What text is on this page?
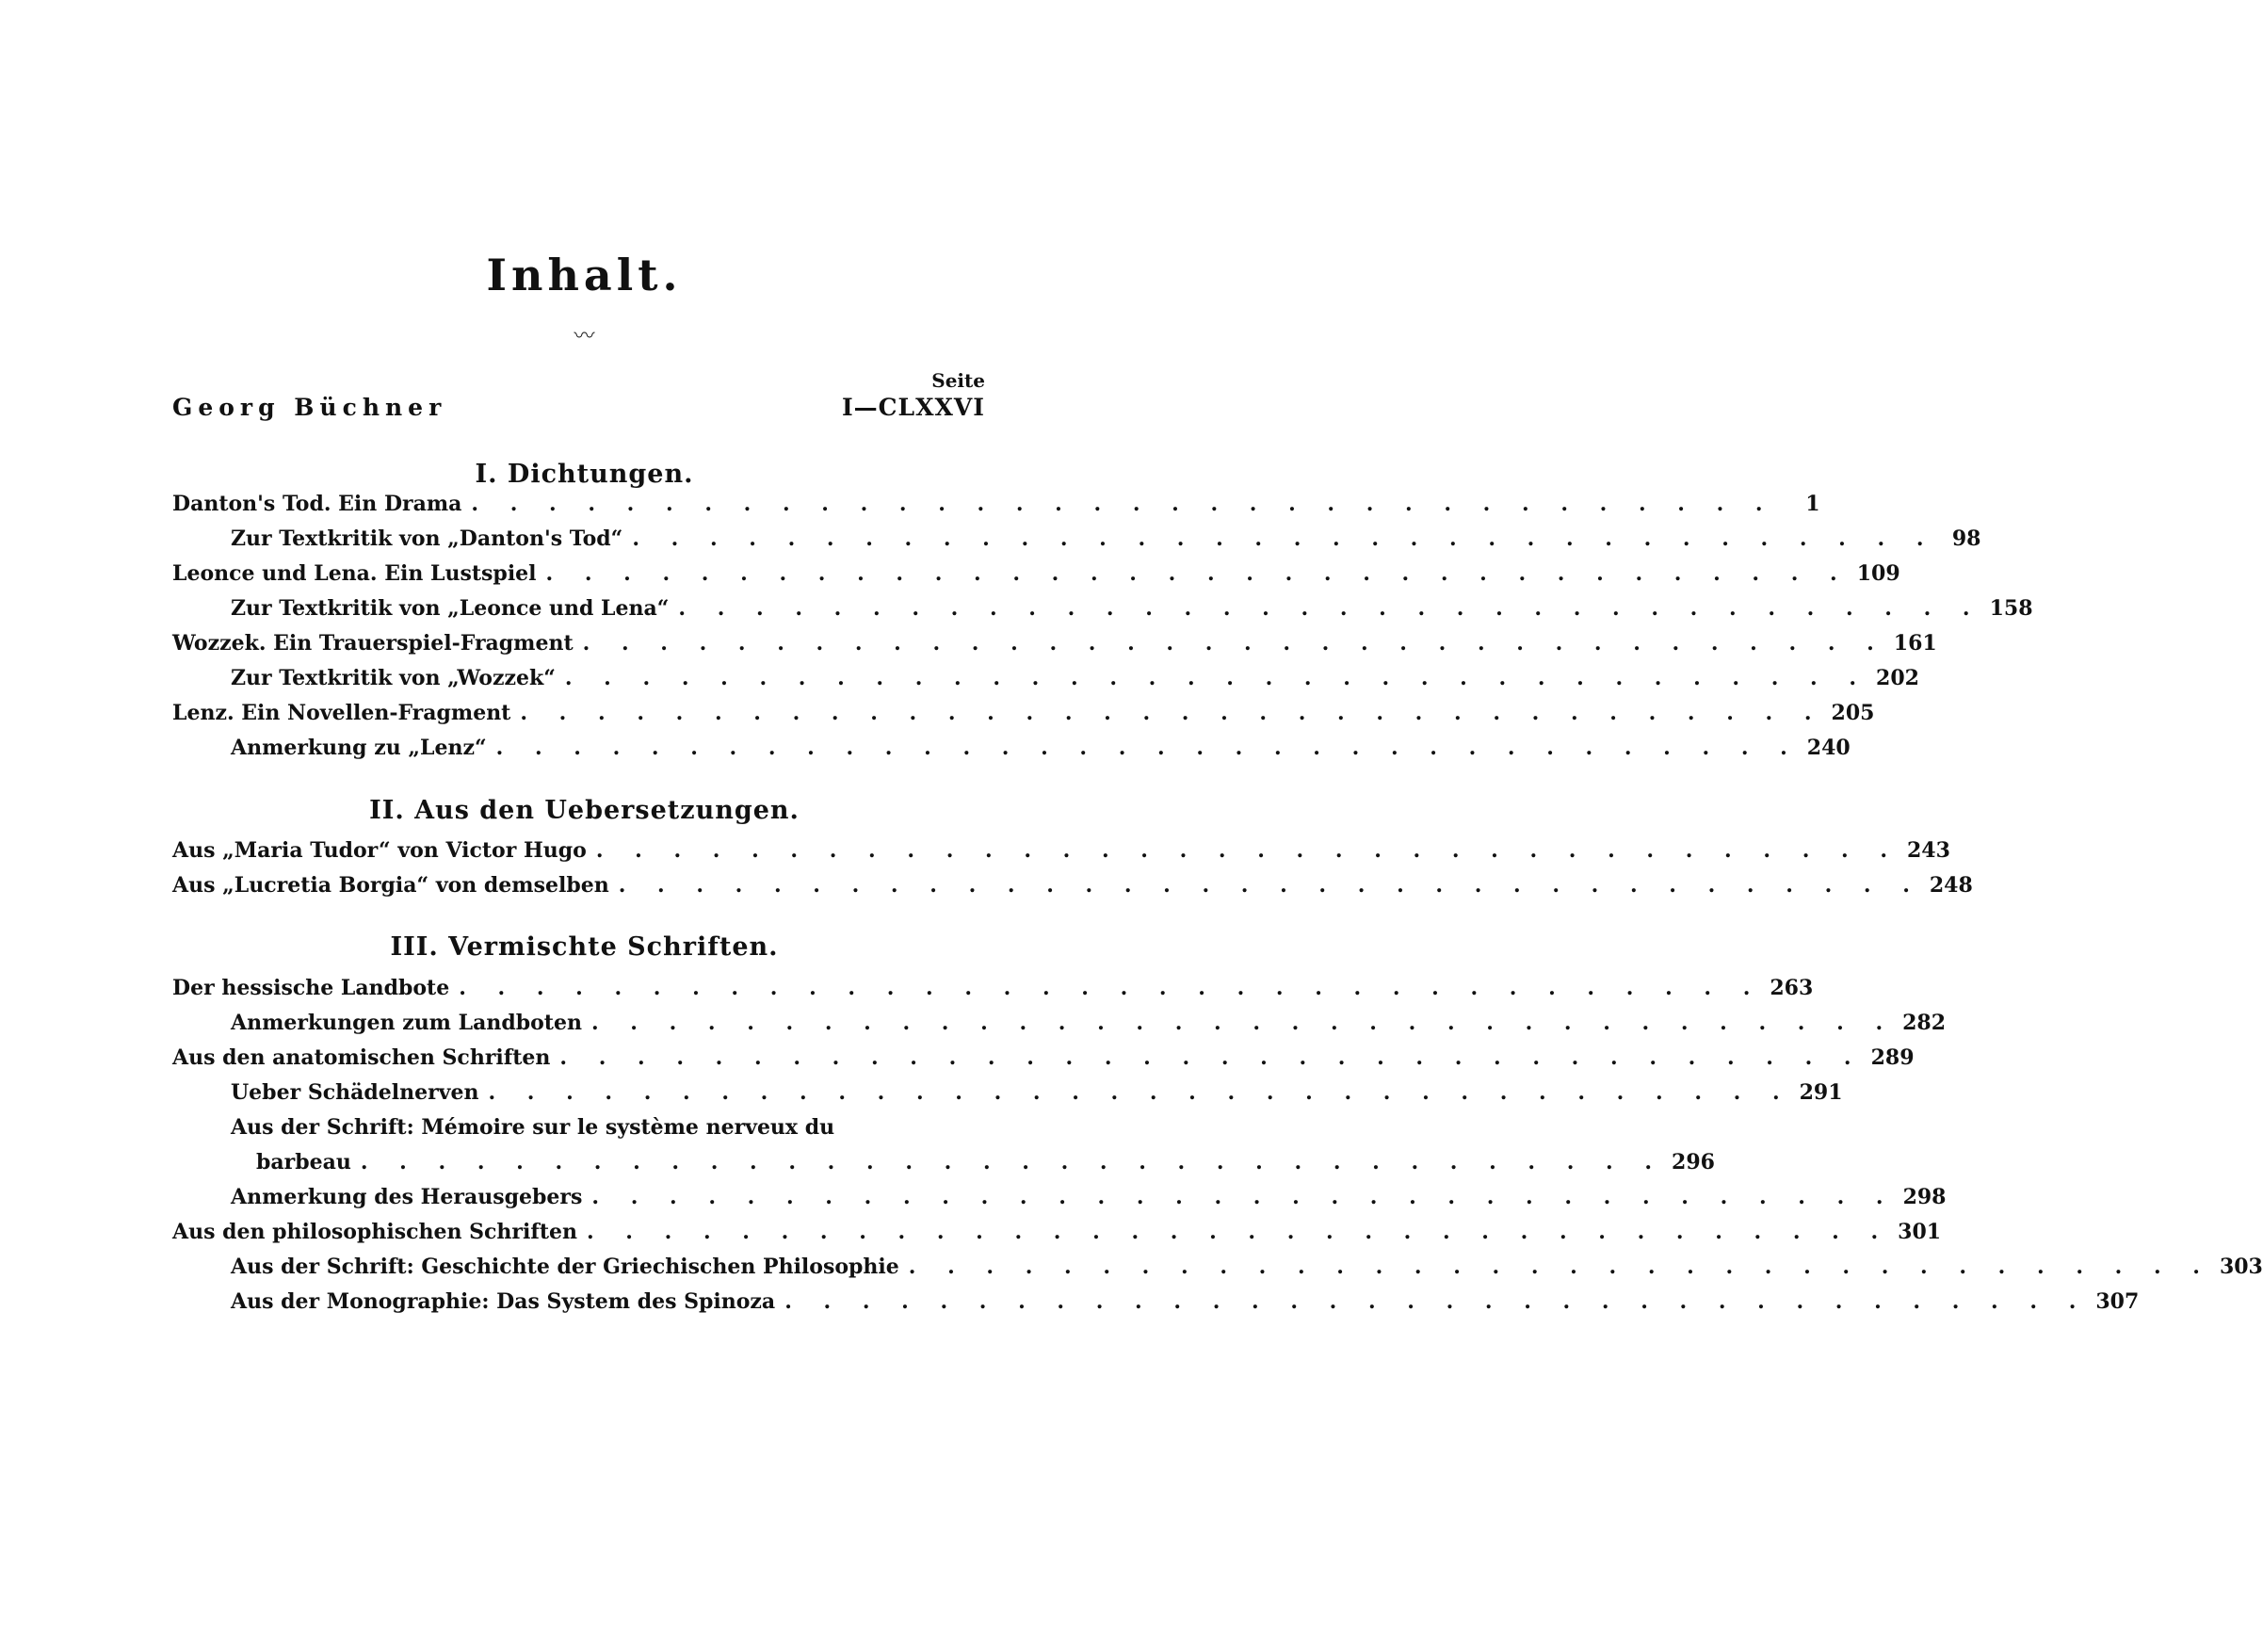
Inhalt.
〰
Seite
Georg Büchner	I—CLXXVI
I. Dichtungen.
Danton's Tod. Ein Drama . . . . . . . . . . . . . . . . . . . . . . . . . . . . . . . . . .	1
Zur Textkritik von „Danton's Tod“ . . . . . . . . . . . . . . . . . . . . . . . . . . . . . . . . . . 98
Leonce und Lena. Ein Lustspiel . . . . . . . . . . . . . . . . . . . . . . . . . . . . . . . . . . 109
Zur Textkritik von „Leonce und Lena“ . . . . . . . . . . . . . . . . . . . . . . . . . . . . . . . . . . 158
Wozzek. Ein Trauerspiel-Fragment . . . . . . . . . . . . . . . . . . . . . . . . . . . . . . . . . . 161
Zur Textkritik von „Wozzek“ . . . . . . . . . . . . . . . . . . . . . . . . . . . . . . . . . . 202
Lenz. Ein Novellen-Fragment . . . . . . . . . . . . . . . . . . . . . . . . . . . . . . . . . . 205
Anmerkung zu „Lenz“ . . . . . . . . . . . . . . . . . . . . . . . . . . . . . . . . . . 240
II. Aus den Uebersetzungen.
Aus „Maria Tudor“ von Victor Hugo . . . . . . . . . . . . . . . . . . . . . . . . . . . . . . . . . . 243
Aus „Lucretia Borgia“ von demselben . . . . . . . . . . . . . . . . . . . . . . . . . . . . . . . . . . 248
III. Vermischte Schriften.
Der hessische Landbote . . . . . . . . . . . . . . . . . . . . . . . . . . . . . . . . . . 263
Anmerkungen zum Landboten . . . . . . . . . . . . . . . . . . . . . . . . . . . . . . . . . . 282
Aus den anatomischen Schriften . . . . . . . . . . . . . . . . . . . . . . . . . . . . . . . . . . 289
Ueber Schädelnerven . . . . . . . . . . . . . . . . . . . . . . . . . . . . . . . . . . 291
Aus der Schrift: Mémoire sur le système nerveux du
barbeau . . . . . . . . . . . . . . . . . . . . . . . . . . . . . . . . . . 296
Anmerkung des Herausgebers . . . . . . . . . . . . . . . . . . . . . . . . . . . . . . . . . . 298
Aus den philosophischen Schriften . . . . . . . . . . . . . . . . . . . . . . . . . . . . . . . . . . 301
Aus der Schrift: Geschichte der Griechischen Philosophie . . . . . . . . . . . . . . . . . . . . . . . . . . . . . . . . . . 303
Aus der Monographie: Das System des Spinoza . . . . . . . . . . . . . . . . . . . . . . . . . . . . . . . . . . 307
